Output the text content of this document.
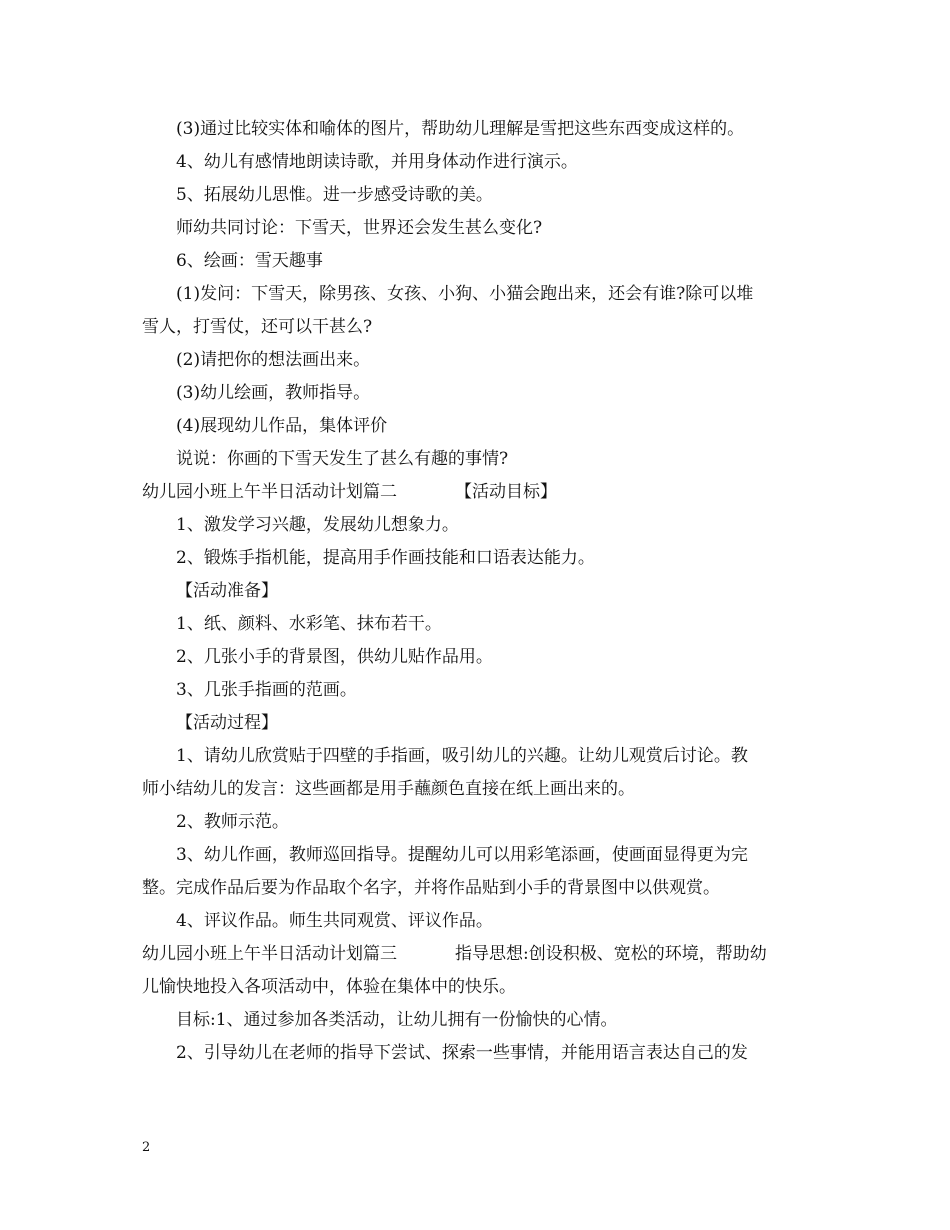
(3)通过比较实体和喻体的图片，帮助幼儿理解是雪把这些东西变成这样的。
4、幼儿有感情地朗读诗歌，并用身体动作进行演示。
5、拓展幼儿思惟。进一步感受诗歌的美。
师幼共同讨论：下雪天，世界还会发生甚么变化?
6、绘画：雪天趣事
(1)发问：下雪天，除男孩、女孩、小狗、小猫会跑出来，还会有谁?除可以堆
雪人，打雪仗，还可以干甚么?
(2)请把你的想法画出来。
(3)幼儿绘画，教师指导。
(4)展现幼儿作品，集体评价
说说：你画的下雪天发生了甚么有趣的事情?
幼儿园小班上午半日活动计划篇二	【活动目标】
1、激发学习兴趣，发展幼儿想象力。
2、锻炼手指机能，提高用手作画技能和口语表达能力。
【活动准备】
1、纸、颜料、水彩笔、抹布若干。
2、几张小手的背景图，供幼儿贴作品用。
3、几张手指画的范画。
【活动过程】
1、请幼儿欣赏贴于四壁的手指画，吸引幼儿的兴趣。让幼儿观赏后讨论。教
师小结幼儿的发言：这些画都是用手蘸颜色直接在纸上画出来的。
2、教师示范。
3、幼儿作画，教师巡回指导。提醒幼儿可以用彩笔添画，使画面显得更为完
整。完成作品后要为作品取个名字，并将作品贴到小手的背景图中以供观赏。
4、评议作品。师生共同观赏、评议作品。
幼儿园小班上午半日活动计划篇三	指导思想:创设积极、宽松的环境，帮助幼
儿愉快地投入各项活动中，体验在集体中的快乐。
目标:1、通过参加各类活动，让幼儿拥有一份愉快的心情。
2、引导幼儿在老师的指导下尝试、探索一些事情，并能用语言表达自己的发
2
